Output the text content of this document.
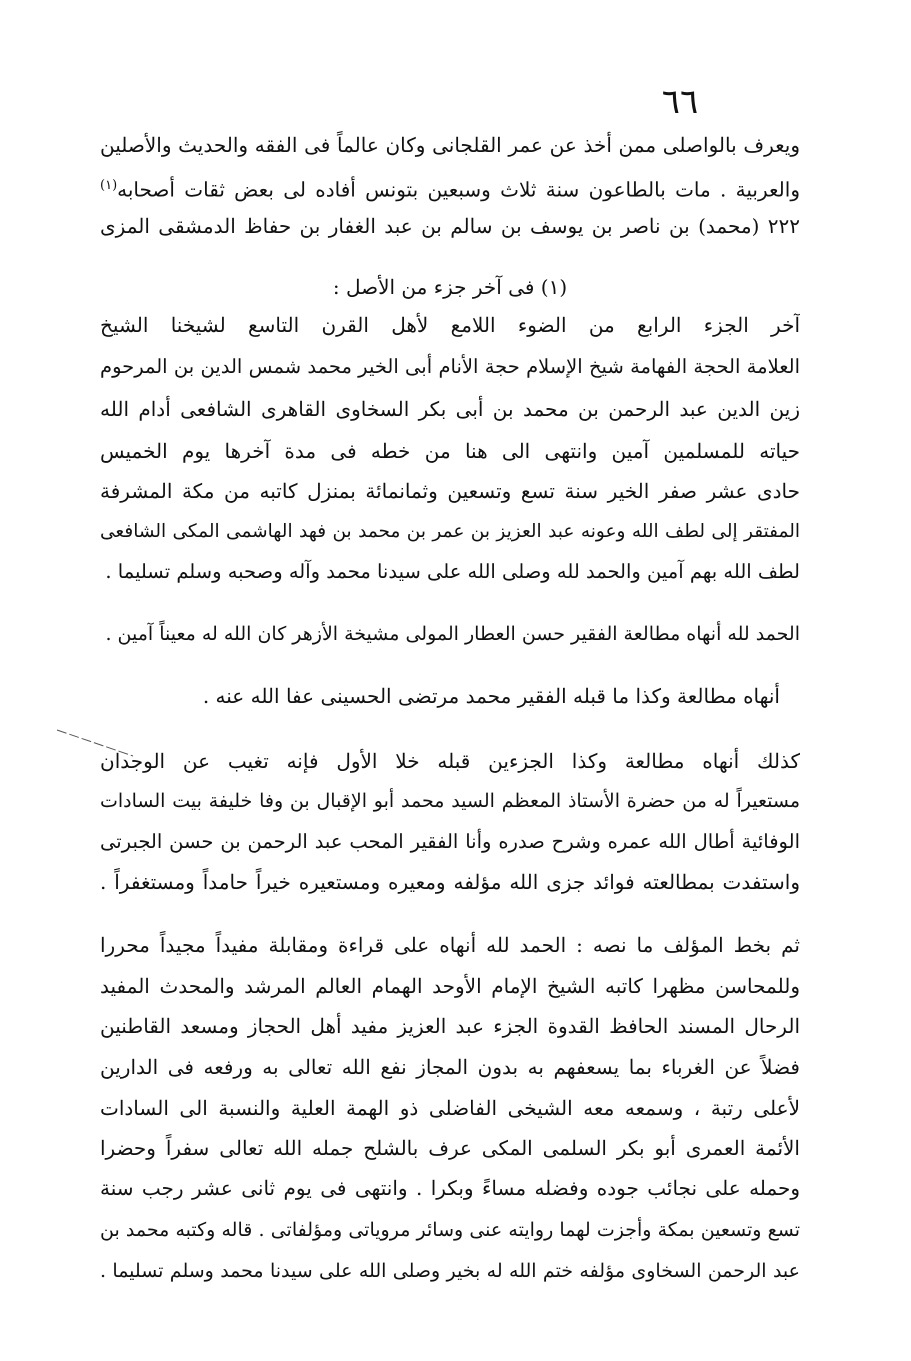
٦٦
ويعرف بالواصلى ممن أخذ عن عمر القلجانى وكان عالماً فى الفقه والحديث والأصلين
والعربية . مات بالطاعون سنة ثلاث وسبعين بتونس أفاده لى بعض ثقات أصحابه$^{(١)}$
٢٢٢ (محمد) بن ناصر بن يوسف بن سالم بن عبد الغفار بن حفاظ الدمشقى المزى
(١) فى آخر جزء من الأصل :
آخر الجزء الرابع من الضوء اللامع لأهل القرن التاسع لشيخنا الشيخ
العلامة الحجة الفهامة شيخ الإسلام حجة الأنام أبى الخير محمد شمس الدين بن المرحوم
زين الدين عبد الرحمن بن محمد بن أبى بكر السخاوى القاهرى الشافعى أدام الله
حياته للمسلمين آمين وانتهى الى هنا من خطه فى مدة آخرها يوم الخميس
حادى عشر صفر الخير سنة تسع وتسعين وثمانمائة بمنزل كاتبه من مكة المشرفة
المفتقر إلى لطف الله وعونه عبد العزيز بن عمر بن محمد بن فهد الهاشمى المكى الشافعى
لطف الله بهم آمين والحمد لله وصلى الله على سيدنا محمد وآله وصحبه وسلم تسليما .
الحمد لله أنهاه مطالعة الفقير حسن العطار المولى مشيخة الأزهر كان الله له معيناً آمين .
أنهاه مطالعة وكذا ما قبله الفقير محمد مرتضى الحسينى عفا الله عنه .
كذلك أنهاه مطالعة وكذا الجزءين قبله خلا الأول فإنه تغيب عن الوجدان
مستعيراً له من حضرة الأستاذ المعظم السيد محمد أبو الإقبال بن وفا خليفة بيت السادات
الوفائية أطال الله عمره وشرح صدره وأنا الفقير المحب عبد الرحمن بن حسن الجبرتى
واستفدت بمطالعته فوائد جزى الله مؤلفه ومعيره ومستعيره خيراً حامداً ومستغفراً .
ثم بخط المؤلف ما نصه : الحمد لله أنهاه على قراءة ومقابلة مفيداً مجيداً محررا
وللمحاسن مظهرا كاتبه الشيخ الإمام الأوحد الهمام العالم المرشد والمحدث المفيد
الرحال المسند الحافظ القدوة الجزء عبد العزيز مفيد أهل الحجاز ومسعد القاطنين
فضلاً عن الغرباء بما يسعفهم به بدون المجاز نفع الله تعالى به ورفعه فى الدارين
لأعلى رتبة ، وسمعه معه الشيخى الفاضلى ذو الهمة العلية والنسبة الى السادات
الأئمة العمرى أبو بكر السلمى المكى عرف بالشلح جمله الله تعالى سفراً وحضرا
وحمله على نجائب جوده وفضله مساءً وبكرا . وانتهى فى يوم ثانى عشر رجب سنة
تسع وتسعين بمكة وأجزت لهما روايته عنى وسائر مروياتى ومؤلفاتى . قاله وكتبه محمد بن
عبد الرحمن السخاوى مؤلفه ختم الله له بخير وصلى الله على سيدنا محمد وسلم تسليما .
